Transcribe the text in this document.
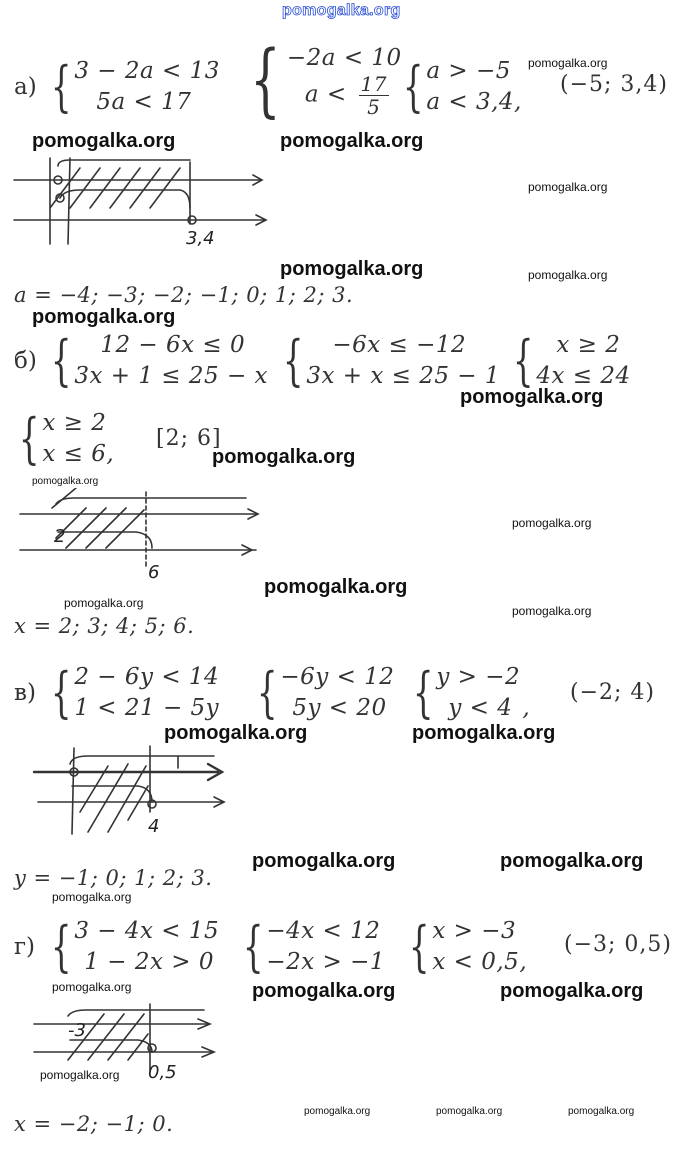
pomogalka.org
а) { 3 − 2a < 13
5a < 17 { −2a < 10
$a < \frac{17}{5}$ { a > −5
a < 3,4,
(−5; 3,4)
pomogalka.org
pomogalka.org	pomogalka.org
pomogalka.org
3,4
pomogalka.org	pomogalka.org
a = −4; −3; −2; −1; 0; 1; 2; 3.
pomogalka.org
б) {	12 − 6x ≤ 0
3x + 1 ≤ 25 − x {	−6x ≤ −12
3x + x ≤ 25 − 1 { x ≥ 2
4x ≤ 24
pomogalka.org
{ x ≥ 2
x ≤ 6,
[2; 6]
pomogalka.org
pomogalka.org
2
6
pomogalka.org
pomogalka.org
pomogalka.org
pomogalka.org
x = 2; 3; 4; 5; 6.
в) { 2 − 6y < 14
1 < 21 − 5y { −6y < 12
5y < 20 { y > −2
y < 4 ,
(−2; 4)
pomogalka.org	pomogalka.org
4
pomogalka.org	pomogalka.org
y = −1; 0; 1; 2; 3.
pomogalka.org
г) { 3 − 4x < 15
1 − 2x > 0 { −4x < 12
−2x > −1 { x > −3
x < 0,5,
(−3; 0,5)
pomogalka.org	pomogalka.org	pomogalka.org
-3
0,5
pomogalka.org
x = −2; −1; 0.
pomogalka.org	pomogalka.org	pomogalka.org
